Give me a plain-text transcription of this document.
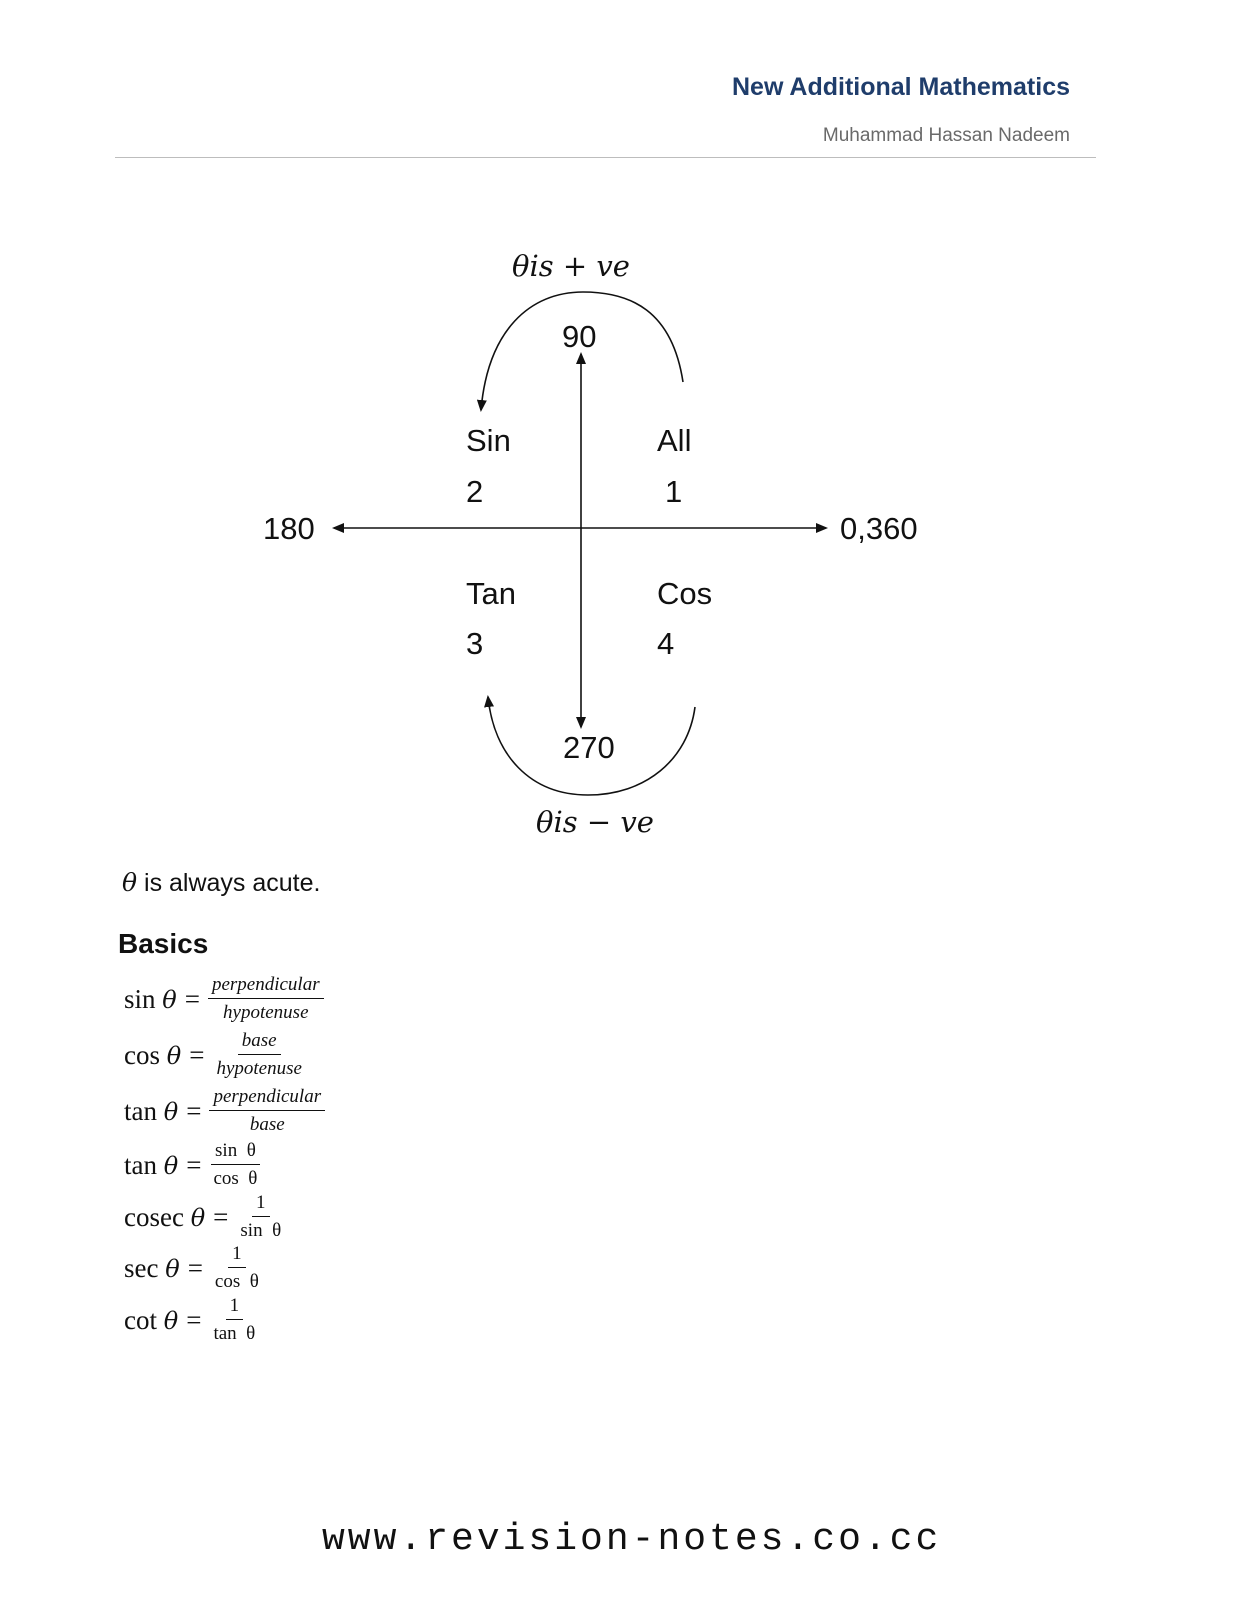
New Additional Mathematics
Muhammad Hassan Nadeem
θis + ve
θis − ve
90
180	0,360
270
All
1
Sin
2
Tan
3
Cos
4
θ is always acute.
Basics
$\sin \theta = \frac{\text{perpendicular}}{\text{hypotenuse}}$
$\cos \theta = \frac{\text{base}}{\text{hypotenuse}}$
$\tan \theta = \frac{\text{perpendicular}}{\text{base}}$
$\tan \theta = \frac{\text{sin  θ}}{\text{cos  θ}}$
cosec $\theta = \frac{1}{\text{sin  θ}}$
$\sec \theta = \frac{1}{\text{cos  θ}}$
$\cot \theta = \frac{1}{\text{tan  θ}}$
www.revision-notes.co.cc
